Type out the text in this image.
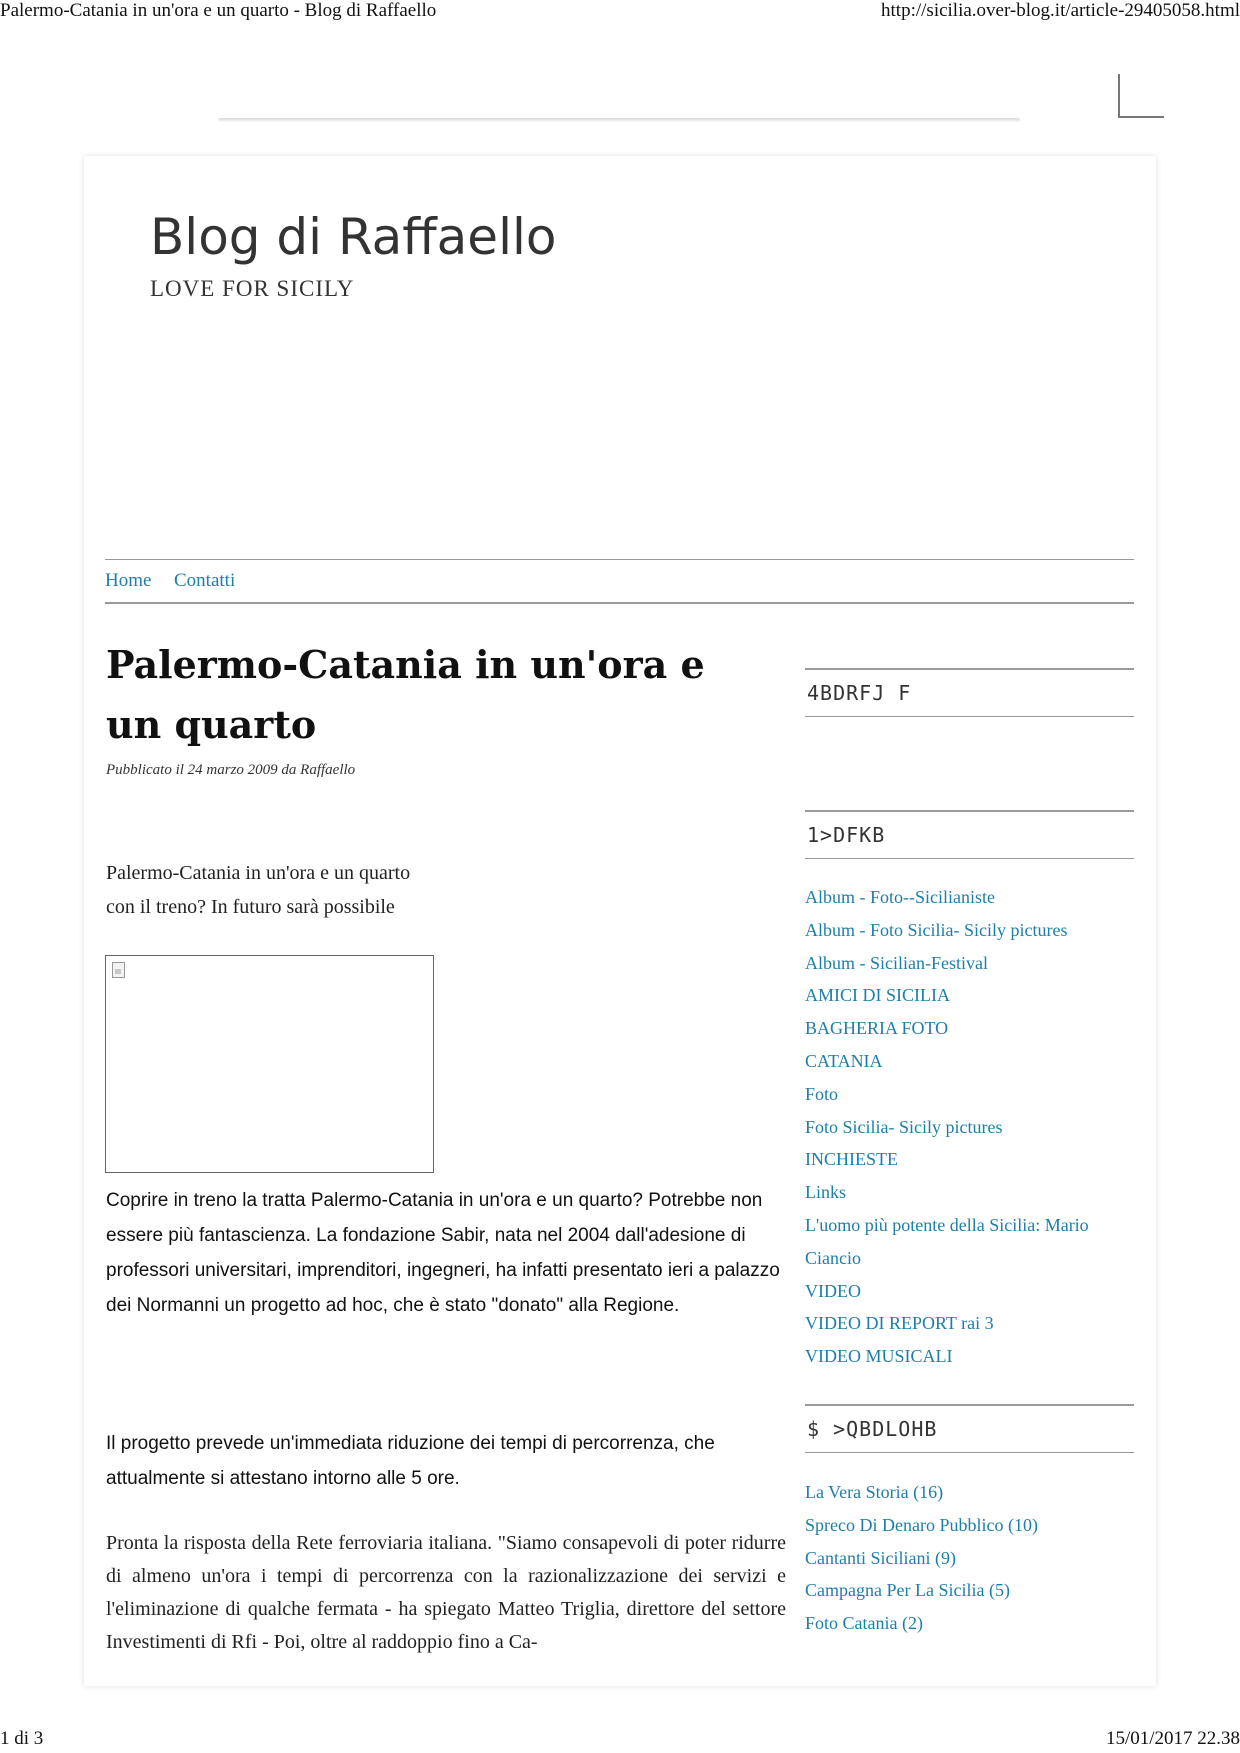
Palermo-Catania in un'ora e un quarto - Blog di Raffaello	http://sicilia.over-blog.it/article-29405058.html
Blog di Raffaello
LOVE FOR SICILY
Home Contatti
Palermo-Catania in un'ora e un quarto
Pubblicato il 24 marzo 2009 da Raffaello
Palermo-Catania in un'ora e un quarto
con il treno? In futuro sarà possibile

Coprire in treno la tratta Palermo-Catania in un'ora e un quarto? Potrebbe non essere più fantascienza. La fondazione Sabir, nata nel 2004 dall'adesione di professori universitari, imprenditori, ingegneri, ha infatti presentato ieri a palazzo dei Normanni un progetto ad hoc, che è stato "donato" alla Regione.

Il progetto prevede un'immediata riduzione dei tempi di percorrenza, che attualmente si attestano intorno alle 5 ore.

Pronta la risposta della Rete ferroviaria italiana. "Siamo consapevoli di poter ridurre di almeno un'ora i tempi di percorrenza con la razionalizzazione dei servizi e l'eliminazione di qualche fermata - ha spiegato Matteo Triglia, direttore del settore Investimenti di Rfi - Poi, oltre al raddoppio fino a Ca-

4BDRFJ F
1>DFKB
Album - Foto--Sicilianiste
Album - Foto Sicilia- Sicily pictures
Album - Sicilian-Festival
AMICI DI SICILIA
BAGHERIA FOTO
CATANIA
Foto
Foto Sicilia- Sicily pictures
INCHIESTE
Links
L'uomo più potente della Sicilia: Mario Ciancio
VIDEO
VIDEO DI REPORT rai 3
VIDEO MUSICALI
$ >QBDLOHB
La Vera Storia (16)
Spreco Di Denaro Pubblico (10)
Cantanti Siciliani (9)
Campagna Per La Sicilia (5)
Foto Catania (2)
1 di 3	15/01/2017 22.38
